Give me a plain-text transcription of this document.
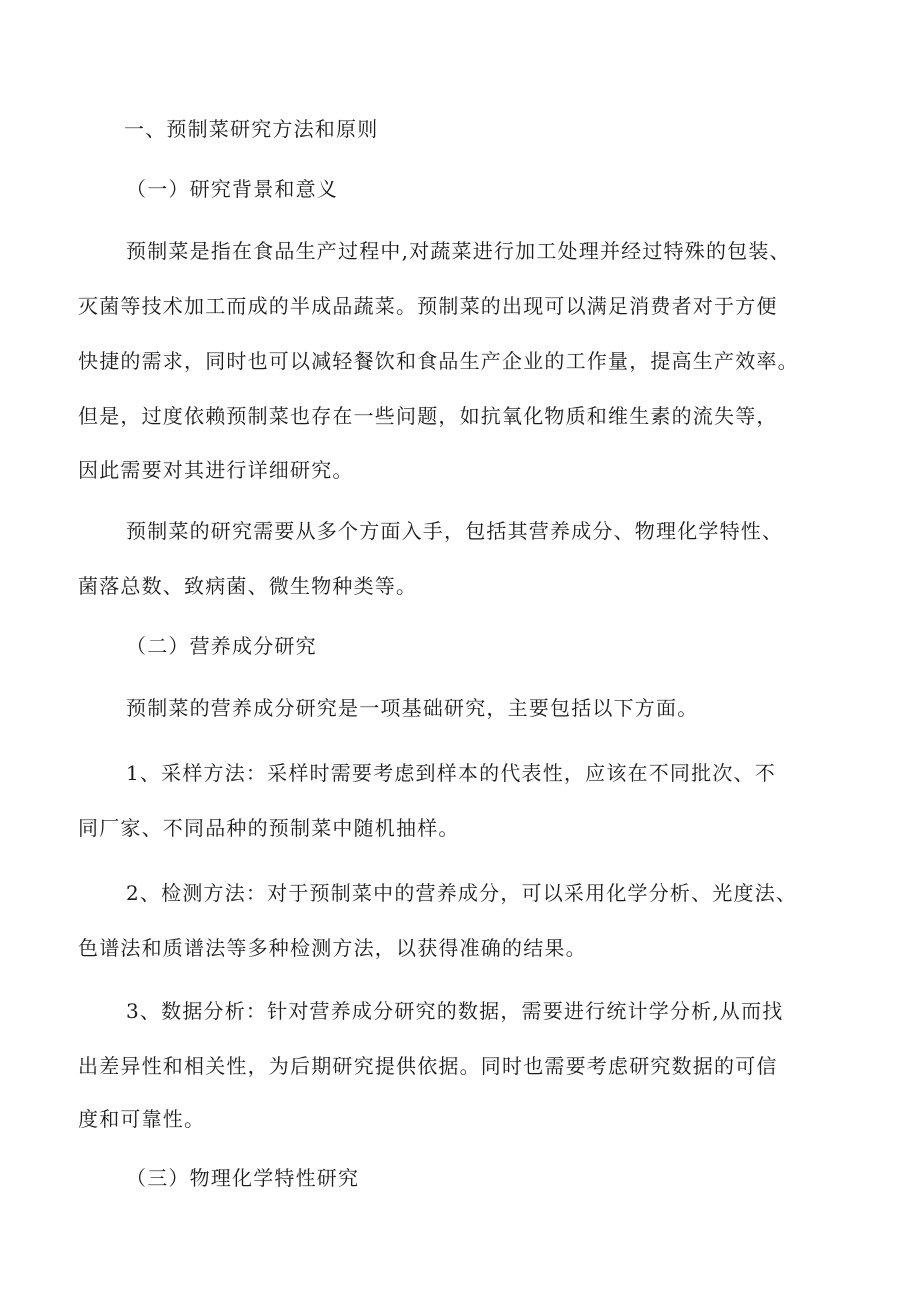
一、预制菜研究方法和原则

（一）研究背景和意义

预制菜是指在食品生产过程中,对蔬菜进行加工处理并经过特殊的包装、

灭菌等技术加工而成的半成品蔬菜。预制菜的出现可以满足消费者对于方便

快捷的需求，同时也可以减轻餐饮和食品生产企业的工作量，提高生产效率。

但是，过度依赖预制菜也存在一些问题，如抗氧化物质和维生素的流失等，

因此需要对其进行详细研究。

预制菜的研究需要从多个方面入手，包括其营养成分、物理化学特性、

菌落总数、致病菌、微生物种类等。

（二）营养成分研究

预制菜的营养成分研究是一项基础研究，主要包括以下方面。

1、采样方法：采样时需要考虑到样本的代表性，应该在不同批次、不

同厂家、不同品种的预制菜中随机抽样。

2、检测方法：对于预制菜中的营养成分，可以采用化学分析、光度法、

色谱法和质谱法等多种检测方法，以获得准确的结果。

3、数据分析：针对营养成分研究的数据，需要进行统计学分析,从而找

出差异性和相关性，为后期研究提供依据。同时也需要考虑研究数据的可信

度和可靠性。

（三）物理化学特性研究
